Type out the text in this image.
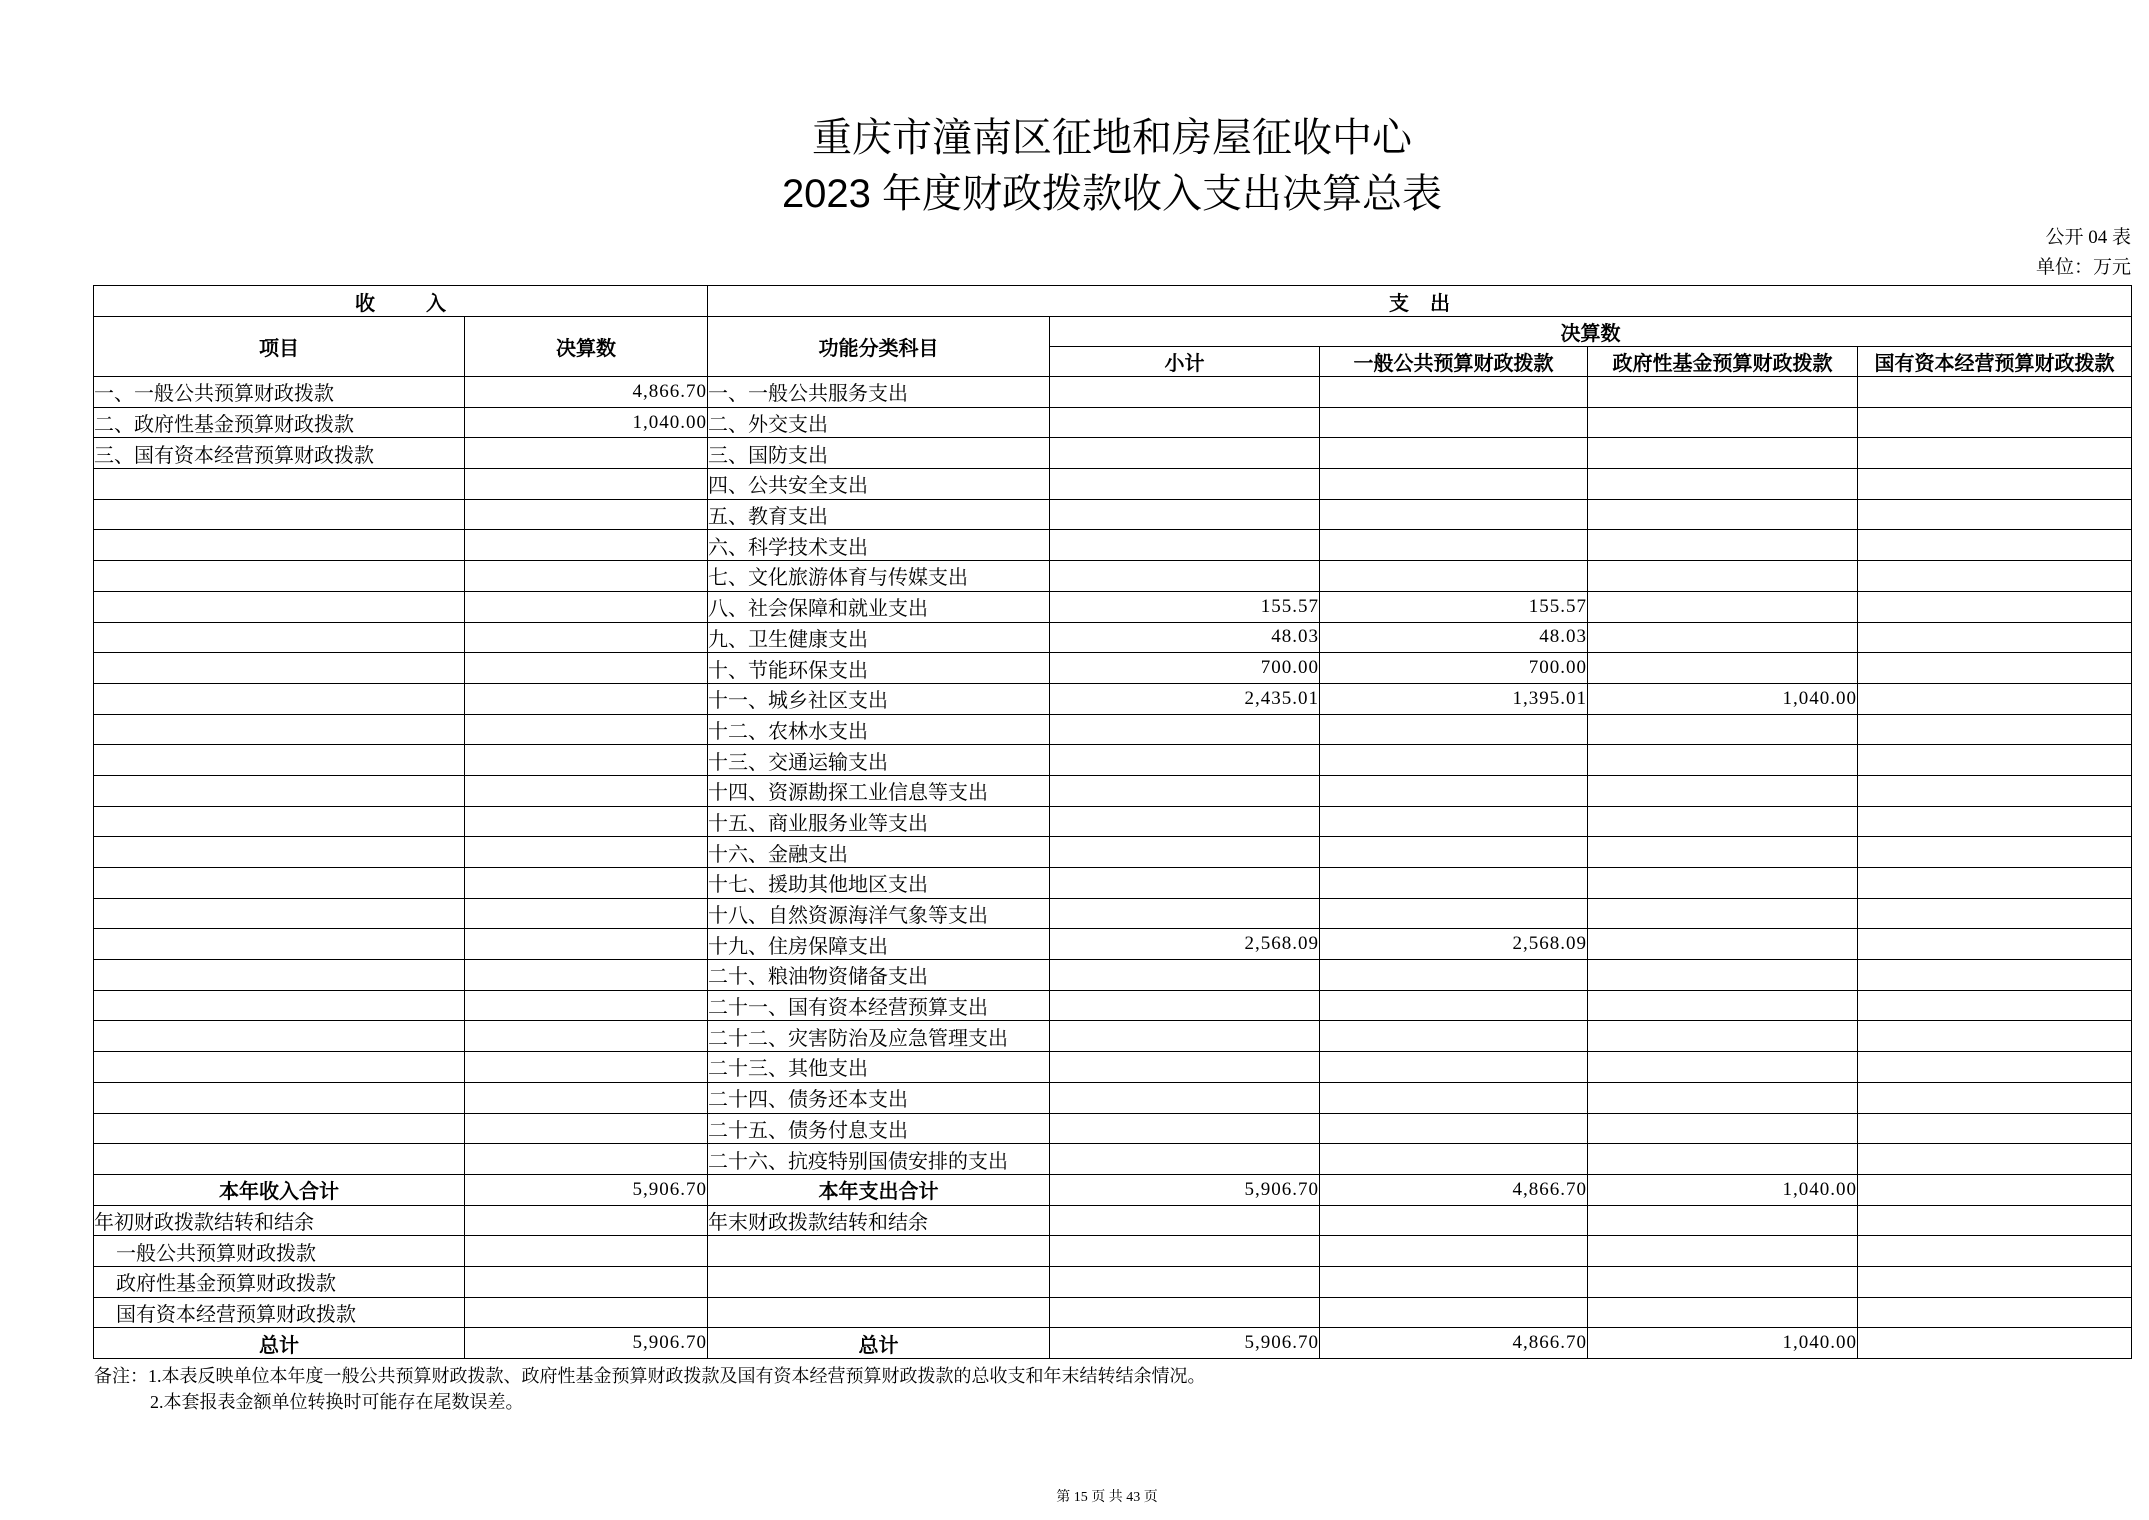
重庆市潼南区征地和房屋征收中心
2023 年度财政拨款收入支出决算总表
公开 04 表
单位：万元
收 入		支 出				
项目	决算数	功能分类科目	决算数			
			小计	一般公共预算财政拨款	政府性基金预算财政拨款	国有资本经营预算财政拨款
一、一般公共预算财政拨款	4,866.70	一、一般公共服务支出				
二、政府性基金预算财政拨款	1,040.00	二、外交支出				
三、国有资本经营预算财政拨款		三、国防支出				
		四、公共安全支出				
		五、教育支出				
		六、科学技术支出				
		七、文化旅游体育与传媒支出				
		八、社会保障和就业支出	155.57	155.57		
		九、卫生健康支出	48.03	48.03		
		十、节能环保支出	700.00	700.00		
		十一、城乡社区支出	2,435.01	1,395.01	1,040.00	
		十二、农林水支出				
		十三、交通运输支出				
		十四、资源勘探工业信息等支出				
		十五、商业服务业等支出				
		十六、金融支出				
		十七、援助其他地区支出				
		十八、自然资源海洋气象等支出				
		十九、住房保障支出	2,568.09	2,568.09		
		二十、粮油物资储备支出				
		二十一、国有资本经营预算支出				
		二十二、灾害防治及应急管理支出				
		二十三、其他支出				
		二十四、债务还本支出				
		二十五、债务付息支出				
		二十六、抗疫特别国债安排的支出				
本年收入合计	5,906.70	本年支出合计	5,906.70	4,866.70	1,040.00	
年初财政拨款结转和结余		年末财政拨款结转和结余				
一般公共预算财政拨款						
政府性基金预算财政拨款						
国有资本经营预算财政拨款						
总计	5,906.70	总计	5,906.70	4,866.70	1,040.00	
备注：1.本表反映单位本年度一般公共预算财政拨款、政府性基金预算财政拨款及国有资本经营预算财政拨款的总收支和年末结转结余情况。
2.本套报表金额单位转换时可能存在尾数误差。
第 15 页 共 43 页
